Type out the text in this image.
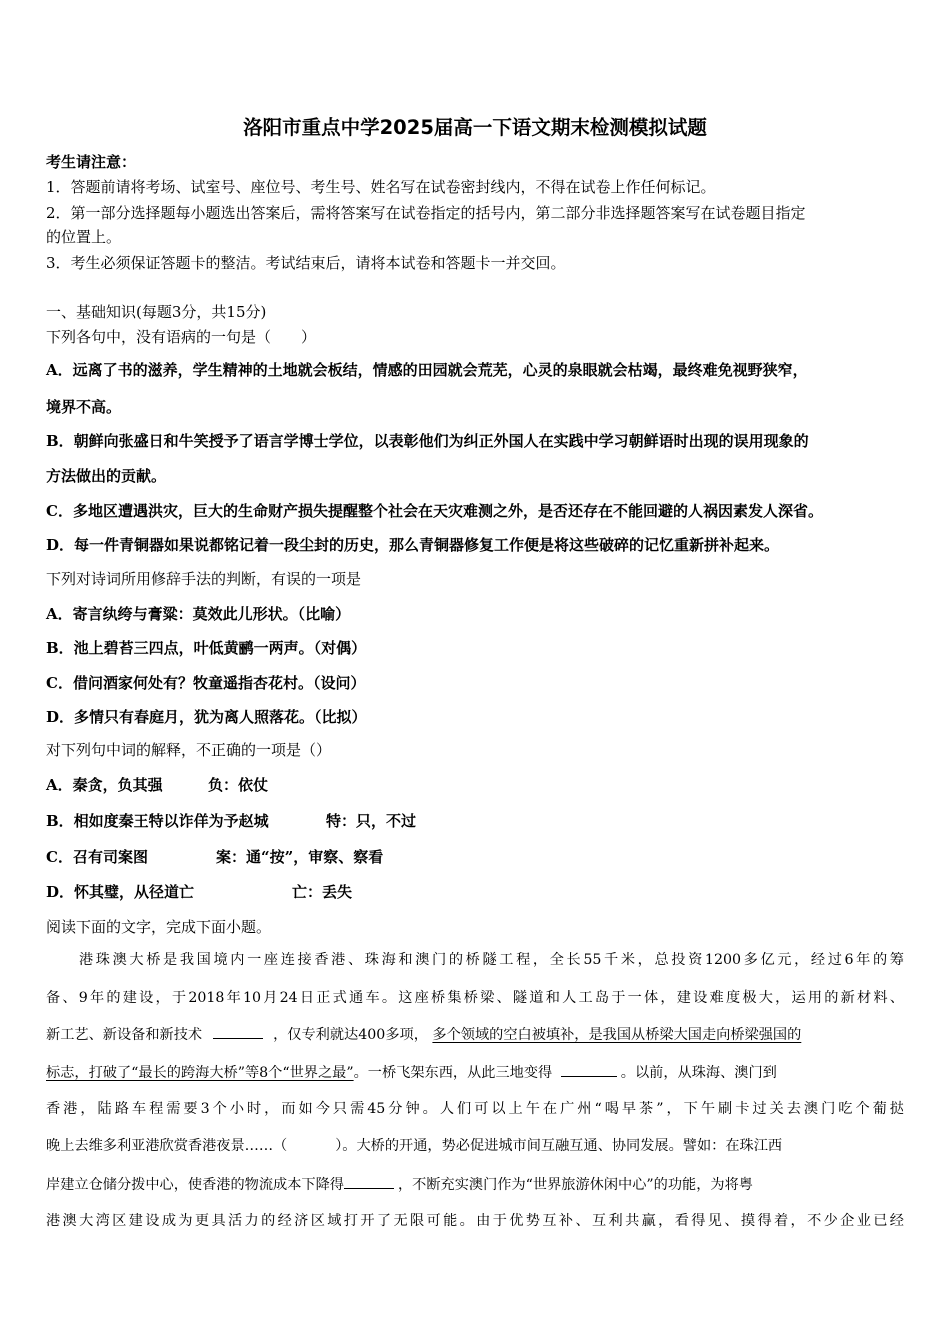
洛阳市重点中学2025届高一下语文期末检测模拟试题
考生请注意：
1．答题前请将考场、试室号、座位号、考生号、姓名写在试卷密封线内，不得在试卷上作任何标记。
2．第一部分选择题每小题选出答案后，需将答案写在试卷指定的括号内，第二部分非选择题答案写在试卷题目指定
的位置上。
3．考生必须保证答题卡的整洁。考试结束后，请将本试卷和答题卡一并交回。
一、基础知识(每题3分，共15分)
下列各句中，没有语病的一句是（　　）
A．远离了书的滋养，学生精神的土地就会板结，情感的田园就会荒芜，心灵的泉眼就会枯竭，最终难免视野狭窄，
境界不高。
B．朝鲜向张盛日和牛笑授予了语言学博士学位，以表彰他们为纠正外国人在实践中学习朝鲜语时出现的误用现象的
方法做出的贡献。
C．多地区遭遇洪灾，巨大的生命财产损失提醒整个社会在天灾难测之外，是否还存在不能回避的人祸因素发人深省。
D．每一件青铜器如果说都铭记着一段尘封的历史，那么青铜器修复工作便是将这些破碎的记忆重新拼补起来。
下列对诗词所用修辞手法的判断，有误的一项是
A．寄言纨绔与膏粱：莫效此儿形状。（比喻）
B．池上碧苔三四点，叶低黄鹂一两声。（对偶）
C．借问酒家何处有？牧童遥指杏花村。（设问）
D．多情只有春庭月，犹为离人照落花。（比拟）
对下列句中词的解释，不正确的一项是（）
A．秦贪，负其强	负：依仗
B．相如度秦王特以诈佯为予赵城	特：只，不过
C．召有司案图	案：通“按”，审察、察看
D．怀其璧，从径道亡	亡：丢失
阅读下面的文字，完成下面小题。
港珠澳大桥是我国境内一座连接香港、珠海和澳门的桥隧工程，全长55千米，总投资1200多亿元，经过6年的筹
备、9年的建设，于2018年10月24日正式通车。这座桥集桥梁、隧道和人工岛于一体，建设难度极大，运用的新材料、
新工艺、新设备和新技术	，仅专利就达400多项， 多个领域的空白被填补，是我国从桥梁大国走向桥梁强国的
标志，打破了“最长的跨海大桥”等8个“世界之最”。一桥飞架东西，从此三地变得	。以前，从珠海、澳门到
香港，陆路车程需要3个小时，而如今只需45分钟。人们可以上午在广州“喝早茶”，下午刷卡过关去澳门吃个葡挞
晚上去维多利亚港欣赏香港夜景……（	）。大桥的开通，势必促进城市间互融互通、协同发展。譬如：在珠江西
岸建立仓储分拨中心，使香港的物流成本下降得	，不断充实澳门作为“世界旅游休闲中心”的功能，为将粤
港澳大湾区建设成为更具活力的经济区域打开了无限可能。由于优势互补、互利共赢，看得见、摸得着，不少企业已经
